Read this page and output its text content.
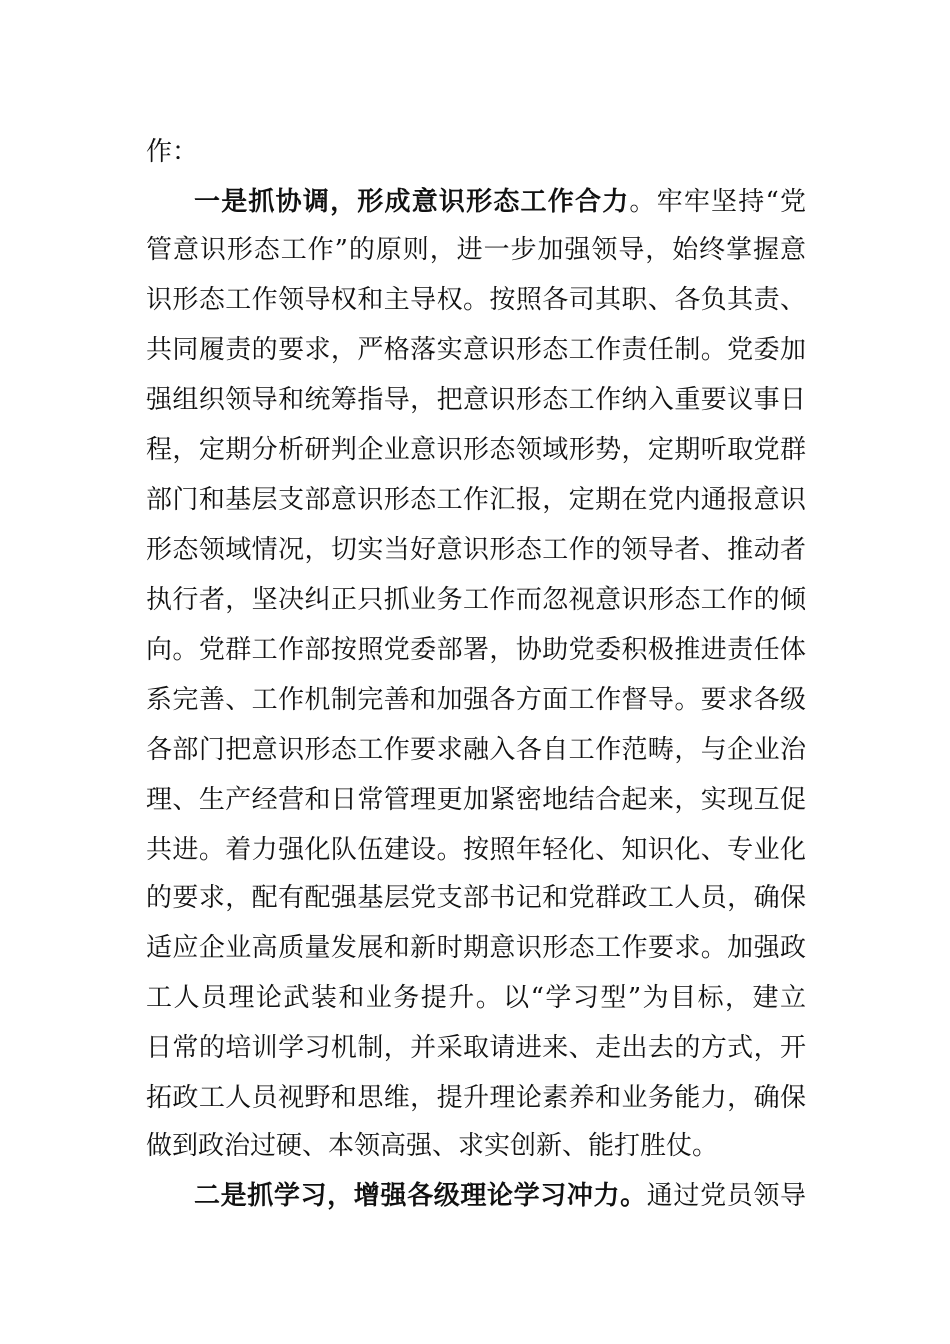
作：
一是抓协调，形成意识形态工作合力。牢牢坚持“党
管意识形态工作”的原则，进一步加强领导，始终掌握意
识形态工作领导权和主导权。按照各司其职、各负其责、
共同履责的要求，严格落实意识形态工作责任制。党委加
强组织领导和统筹指导，把意识形态工作纳入重要议事日
程，定期分析研判企业意识形态领域形势，定期听取党群
部门和基层支部意识形态工作汇报，定期在党内通报意识
形态领域情况，切实当好意识形态工作的领导者、推动者
执行者，坚决纠正只抓业务工作而忽视意识形态工作的倾
向。党群工作部按照党委部署，协助党委积极推进责任体
系完善、工作机制完善和加强各方面工作督导。要求各级
各部门把意识形态工作要求融入各自工作范畴，与企业治
理、生产经营和日常管理更加紧密地结合起来，实现互促
共进。着力强化队伍建设。按照年轻化、知识化、专业化
的要求，配有配强基层党支部书记和党群政工人员，确保
适应企业高质量发展和新时期意识形态工作要求。加强政
工人员理论武装和业务提升。以“学习型”为目标，建立
日常的培训学习机制，并采取请进来、走出去的方式，开
拓政工人员视野和思维，提升理论素养和业务能力，确保
做到政治过硬、本领高强、求实创新、能打胜仗。
二是抓学习，增强各级理论学习冲力。通过党员领导
